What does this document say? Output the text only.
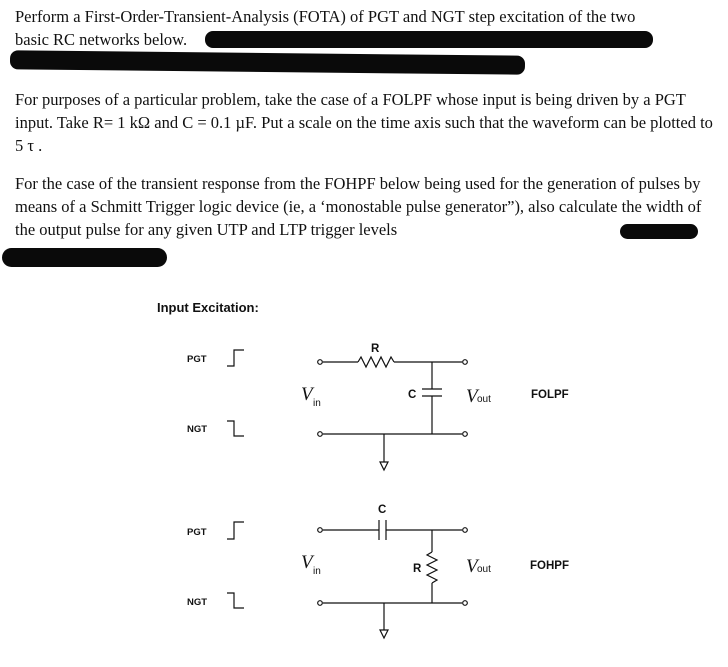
Perform a First-Order-Transient-Analysis (FOTA) of PGT and NGT step excitation of the two
basic RC networks below.

For purposes of a particular problem, take the case of a FOLPF whose input is being driven by a PGT input. Take R= 1 kΩ and C = 0.1 µF. Put a scale on the time axis such that the waveform can be plotted to 5 τ .

For the case of the transient response from the FOHPF below being used for the generation of pulses by means of a Schmitt Trigger logic device (ie, a ‘monostable pulse generator”), also calculate the width of the output pulse for any given UTP and LTP trigger levels

Input Excitation:
PGT
NGT
PGT
NGT
R
C
V in	V out	FOLPF
C
R
V in	V out	FOHPF
